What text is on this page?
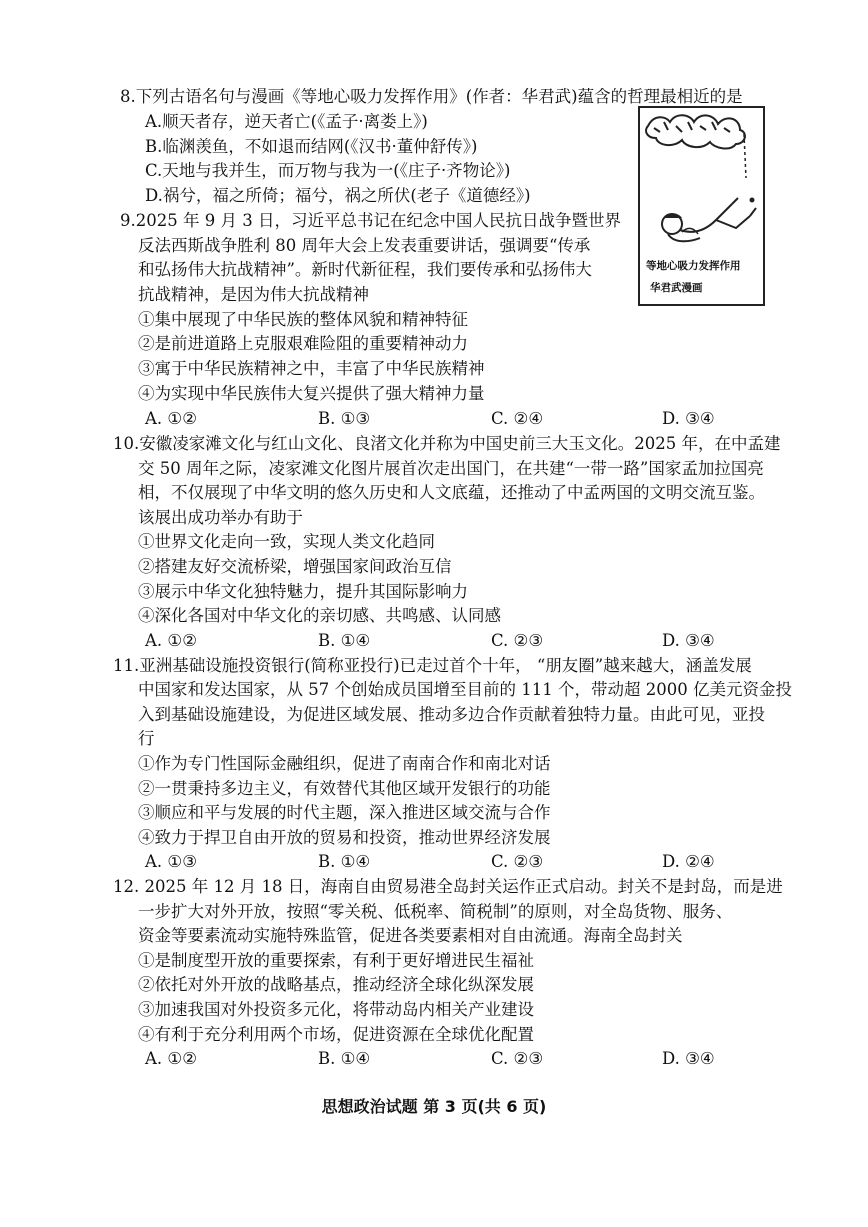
8.下列古语名句与漫画《等地心吸力发挥作用》(作者：华君武)蕴含的哲理最相近的是
A.顺天者存，逆天者亡(《孟子·离娄上》)
B.临渊羡鱼，不如退而结网(《汉书·董仲舒传》)
C.天地与我并生，而万物与我为一(《庄子·齐物论》)
D.祸兮，福之所倚；福兮，祸之所伏(老子《道德经》)
等地心吸力发挥作用
华君武漫画
9.2025 年 9 月 3 日，习近平总书记在纪念中国人民抗日战争暨世界
反法西斯战争胜利 80 周年大会上发表重要讲话，强调要“传承
和弘扬伟大抗战精神”。新时代新征程，我们要传承和弘扬伟大
抗战精神，是因为伟大抗战精神
①集中展现了中华民族的整体风貌和精神特征
②是前进道路上克服艰难险阻的重要精神动力
③寓于中华民族精神之中，丰富了中华民族精神
④为实现中华民族伟大复兴提供了强大精神力量
A. ①②	B. ①③	C. ②④	D. ③④
10.安徽凌家滩文化与红山文化、良渚文化并称为中国史前三大玉文化。2025 年，在中孟建
交 50 周年之际，凌家滩文化图片展首次走出国门，在共建“一带一路”国家孟加拉国亮
相，不仅展现了中华文明的悠久历史和人文底蕴，还推动了中孟两国的文明交流互鉴。
该展出成功举办有助于
①世界文化走向一致，实现人类文化趋同
②搭建友好交流桥梁，增强国家间政治互信
③展示中华文化独特魅力，提升其国际影响力
④深化各国对中华文化的亲切感、共鸣感、认同感
A. ①②	B. ①④	C. ②③	D. ③④
11.亚洲基础设施投资银行(简称亚投行)已走过首个十年， “朋友圈”越来越大，涵盖发展
中国家和发达国家，从 57 个创始成员国增至目前的 111 个，带动超 2000 亿美元资金投
入到基础设施建设，为促进区域发展、推动多边合作贡献着独特力量。由此可见，亚投
行
①作为专门性国际金融组织，促进了南南合作和南北对话
②一贯秉持多边主义，有效替代其他区域开发银行的功能
③顺应和平与发展的时代主题，深入推进区域交流与合作
④致力于捍卫自由开放的贸易和投资，推动世界经济发展
A. ①③	B. ①④	C. ②③	D. ②④
12. 2025 年 12 月 18 日，海南自由贸易港全岛封关运作正式启动。封关不是封岛，而是进
一步扩大对外开放，按照“零关税、低税率、简税制”的原则，对全岛货物、服务、
资金等要素流动实施特殊监管，促进各类要素相对自由流通。海南全岛封关
①是制度型开放的重要探索，有利于更好增进民生福祉
②依托对外开放的战略基点，推动经济全球化纵深发展
③加速我国对外投资多元化，将带动岛内相关产业建设
④有利于充分利用两个市场，促进资源在全球优化配置
A. ①②	B. ①④	C. ②③	D. ③④
思想政治试题 第 3 页(共 6 页)
